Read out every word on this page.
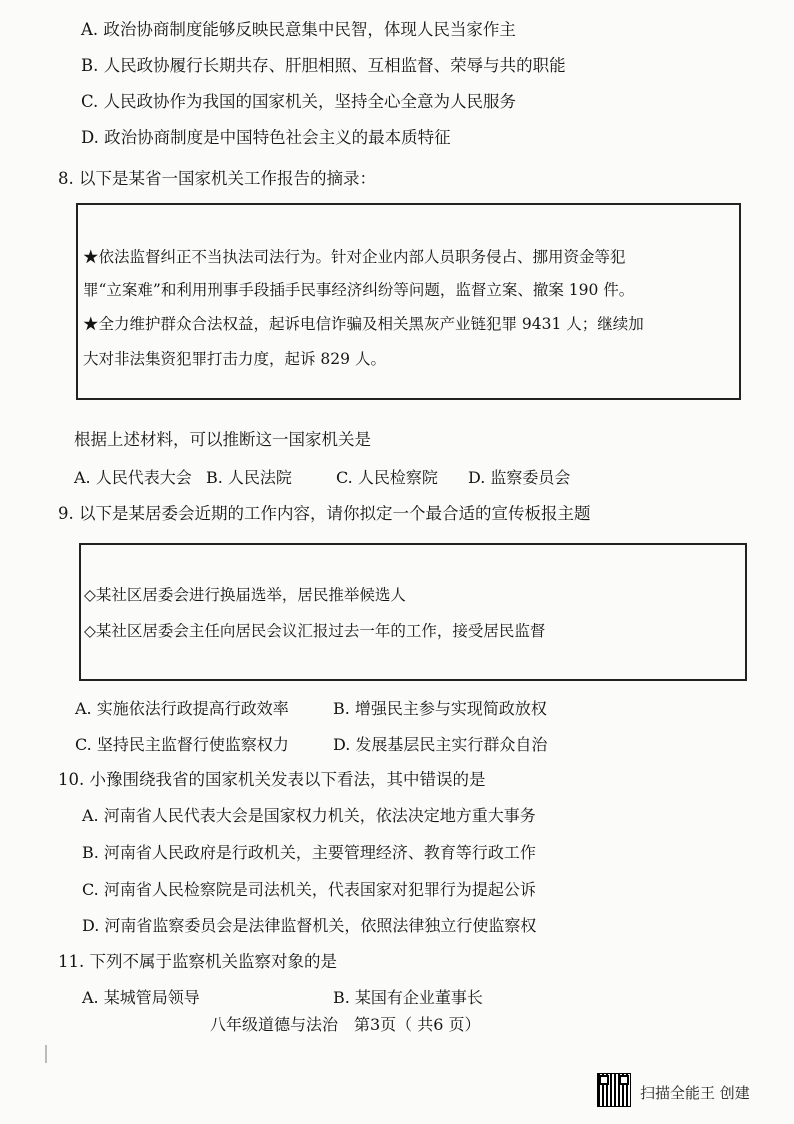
A. 政治协商制度能够反映民意集中民智，体现人民当家作主
B. 人民政协履行长期共存、肝胆相照、互相监督、荣辱与共的职能
C. 人民政协作为我国的国家机关，坚持全心全意为人民服务
D. 政治协商制度是中国特色社会主义的最本质特征
8. 以下是某省一国家机关工作报告的摘录：
★依法监督纠正不当执法司法行为。针对企业内部人员职务侵占、挪用资金等犯
罪“立案难”和利用刑事手段插手民事经济纠纷等问题，监督立案、撤案 190 件。
★全力维护群众合法权益，起诉电信诈骗及相关黑灰产业链犯罪 9431 人；继续加
大对非法集资犯罪打击力度，起诉 829 人。
根据上述材料，可以推断这一国家机关是
A. 人民代表大会 B. 人民法院	C. 人民检察院 D. 监察委员会
9. 以下是某居委会近期的工作内容，请你拟定一个最合适的宣传板报主题
◇某社区居委会进行换届选举，居民推举候选人
◇某社区居委会主任向居民会议汇报过去一年的工作，接受居民监督
A. 实施依法行政提高行政效率	B. 增强民主参与实现简政放权
C. 坚持民主监督行使监察权力	D. 发展基层民主实行群众自治
10. 小豫围绕我省的国家机关发表以下看法，其中错误的是
A. 河南省人民代表大会是国家权力机关，依法决定地方重大事务
B. 河南省人民政府是行政机关，主要管理经济、教育等行政工作
C. 河南省人民检察院是司法机关，代表国家对犯罪行为提起公诉
D. 河南省监察委员会是法律监督机关，依照法律独立行使监察权
11. 下列不属于监察机关监察对象的是
A. 某城管局领导	B. 某国有企业董事长
八年级道德与法治　第3页（ 共6 页）
扫描全能王 创建
